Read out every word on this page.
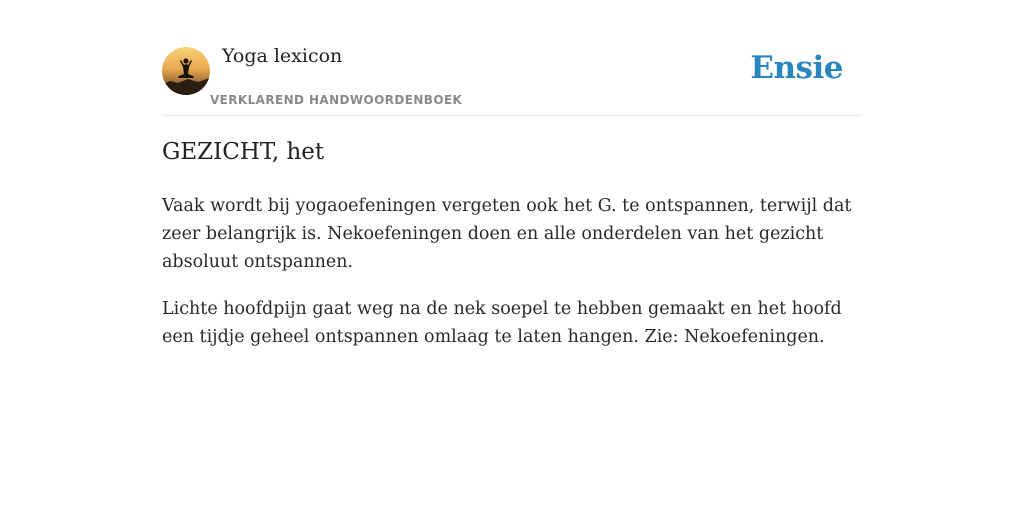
Yoga lexicon
VERKLAREND HANDWOORDENBOEK
Ensie
GEZICHT, het

Vaak wordt bij yogaoefeningen vergeten ook het G. te ontspannen, terwijl dat zeer belangrijk is. Nekoefeningen doen en alle onderdelen van het gezicht absoluut ontspannen.

Lichte hoofdpijn gaat weg na de nek soepel te hebben gemaakt en het hoofd een tijdje geheel ontspannen omlaag te laten hangen. Zie: Nekoefeningen.
